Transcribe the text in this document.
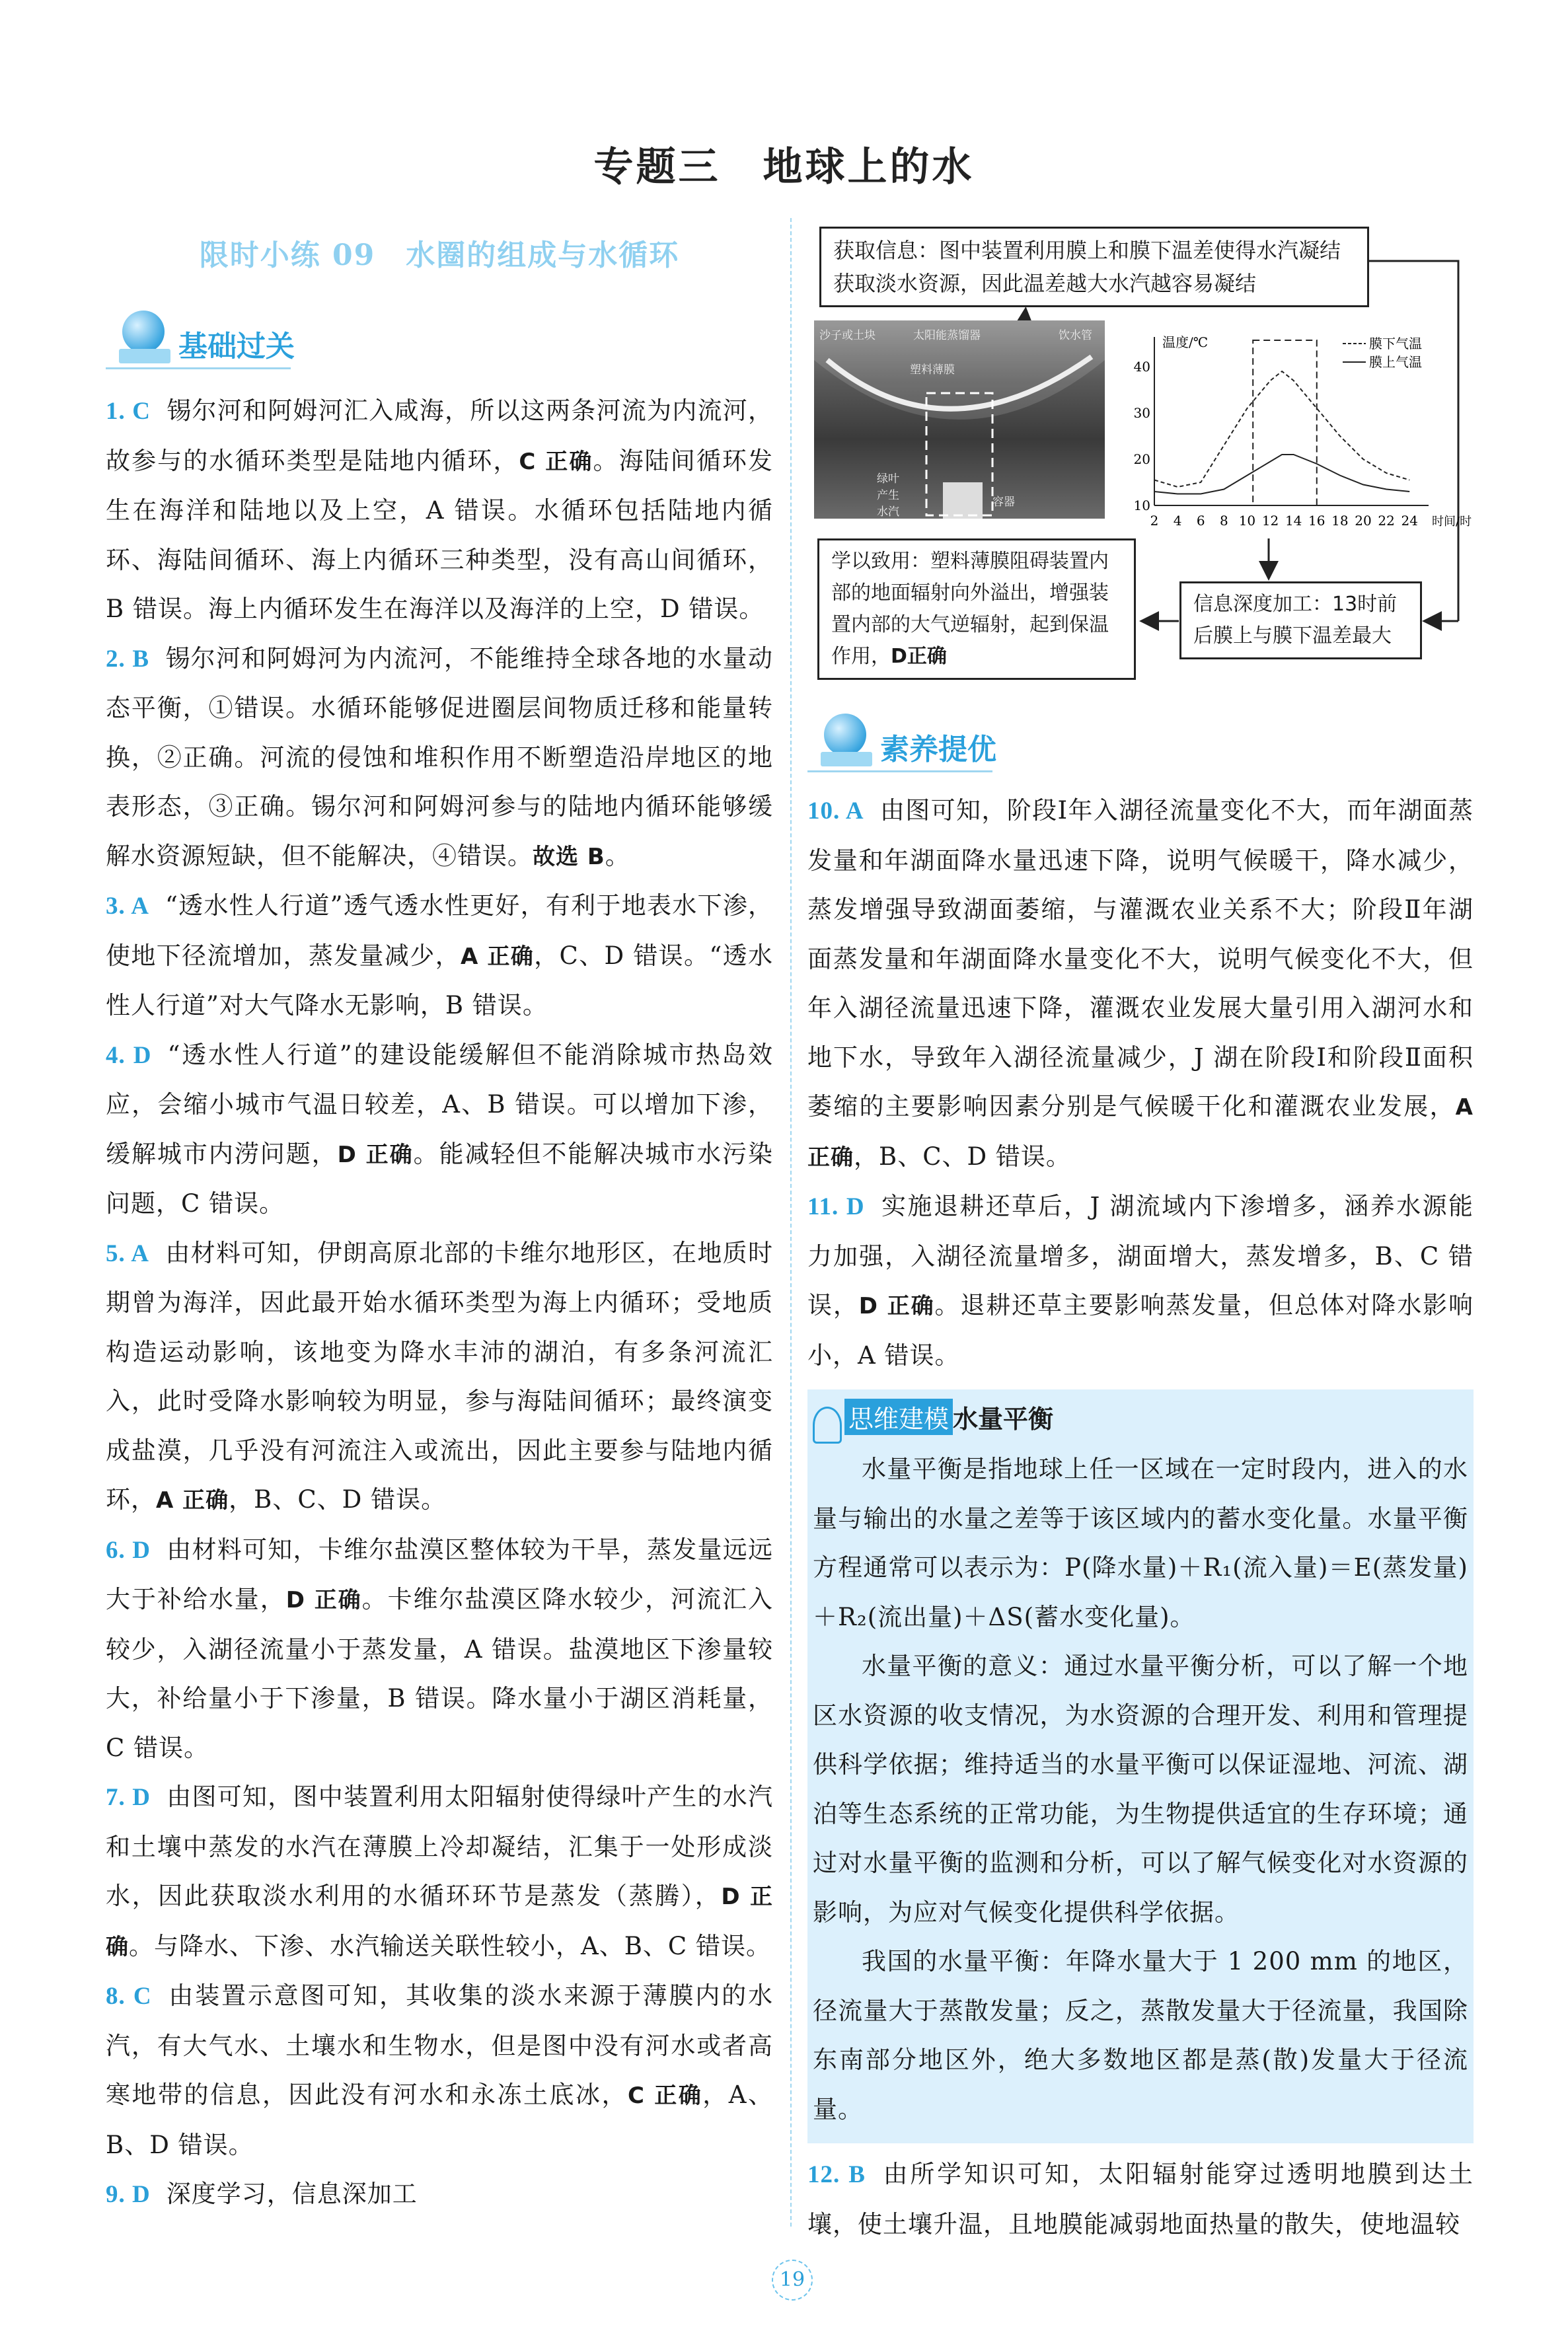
专题三　地球上的水
限时小练 09　水圈的组成与水循环
基础过关

1. C 锡尔河和阿姆河汇入咸海，所以这两条河流为内流河，故参与的水循环类型是陆地内循环，C 正确。海陆间循环发生在海洋和陆地以及上空，A 错误。水循环包括陆地内循环、海陆间循环、海上内循环三种类型，没有高山间循环，B 错误。海上内循环发生在海洋以及海洋的上空，D 错误。

2. B 锡尔河和阿姆河为内流河，不能维持全球各地的水量动态平衡，①错误。水循环能够促进圈层间物质迁移和能量转换，②正确。河流的侵蚀和堆积作用不断塑造沿岸地区的地表形态，③正确。锡尔河和阿姆河参与的陆地内循环能够缓解水资源短缺，但不能解决，④错误。故选 B。

3. A “透水性人行道”透气透水性更好，有利于地表水下渗，使地下径流增加，蒸发量减少，A 正确，C、D 错误。“透水性人行道”对大气降水无影响，B 错误。

4. D “透水性人行道”的建设能缓解但不能消除城市热岛效应，会缩小城市气温日较差，A、B 错误。可以增加下渗，缓解城市内涝问题，D 正确。能减轻但不能解决城市水污染问题，C 错误。

5. A 由材料可知，伊朗高原北部的卡维尔地形区，在地质时期曾为海洋，因此最开始水循环类型为海上内循环；受地质构造运动影响，该地变为降水丰沛的湖泊，有多条河流汇入，此时受降水影响较为明显，参与海陆间循环；最终演变成盐漠，几乎没有河流注入或流出，因此主要参与陆地内循环，A 正确，B、C、D 错误。

6. D 由材料可知，卡维尔盐漠区整体较为干旱，蒸发量远远大于补给水量，D 正确。卡维尔盐漠区降水较少，河流汇入较少，入湖径流量小于蒸发量，A 错误。盐漠地区下渗量较大，补给量小于下渗量，B 错误。降水量小于湖区消耗量，C 错误。

7. D 由图可知，图中装置利用太阳辐射使得绿叶产生的水汽和土壤中蒸发的水汽在薄膜上冷却凝结，汇集于一处形成淡水，因此获取淡水利用的水循环环节是蒸发（蒸腾），D 正确。与降水、下渗、水汽输送关联性较小，A、B、C 错误。

8. C 由装置示意图可知，其收集的淡水来源于薄膜内的水汽，有大气水、土壤水和生物水，但是图中没有河水或者高寒地带的信息，因此没有河水和永冻土底冰，C 正确，A、B、D 错误。

9. D 深度学习，信息深加工

获取信息：图中装置利用膜上和膜下温差使得水汽凝结获取淡水资源，因此温差越大水汽越容易凝结
沙子或土块	太阳能蒸馏器	饮水管
塑料薄膜
绿叶产生水汽
容器
温度/℃
时间/时
2 4 6 8 10 12 14 16 18 20 22 24
10
20
30
40
膜下气温
膜上气温
学以致用：塑料薄膜阻碍装置内部的地面辐射向外溢出，增强装置内部的大气逆辐射，起到保温作用，D正确
信息深度加工：13时前后膜上与膜下温差最大
素养提优

10. A 由图可知，阶段Ⅰ年入湖径流量变化不大，而年湖面蒸发量和年湖面降水量迅速下降，说明气候暖干，降水减少，蒸发增强导致湖面萎缩，与灌溉农业关系不大；阶段Ⅱ年湖面蒸发量和年湖面降水量变化不大，说明气候变化不大，但年入湖径流量迅速下降，灌溉农业发展大量引用入湖河水和地下水，导致年入湖径流量减少，J 湖在阶段Ⅰ和阶段Ⅱ面积萎缩的主要影响因素分别是气候暖干化和灌溉农业发展，A 正确，B、C、D 错误。

11. D 实施退耕还草后，J 湖流域内下渗增多，涵养水源能力加强，入湖径流量增多，湖面增大，蒸发增多，B、C 错误，D 正确。退耕还草主要影响蒸发量，但总体对降水影响小，A 错误。

思维建模 水量平衡

水量平衡是指地球上任一区域在一定时段内，进入的水量与输出的水量之差等于该区域内的蓄水变化量。水量平衡方程通常可以表示为：P(降水量)＋R₁(流入量)＝E(蒸发量)＋R₂(流出量)＋ΔS(蓄水变化量)。

水量平衡的意义：通过水量平衡分析，可以了解一个地区水资源的收支情况，为水资源的合理开发、利用和管理提供科学依据；维持适当的水量平衡可以保证湿地、河流、湖泊等生态系统的正常功能，为生物提供适宜的生存环境；通过对水量平衡的监测和分析，可以了解气候变化对水资源的影响，为应对气候变化提供科学依据。

我国的水量平衡：年降水量大于 1 200 mm 的地区，径流量大于蒸散发量；反之，蒸散发量大于径流量，我国除东南部分地区外，绝大多数地区都是蒸(散)发量大于径流量。

12. B 由所学知识可知，太阳辐射能穿过透明地膜到达土壤，使土壤升温，且地膜能减弱地面热量的散失，使地温较

19
